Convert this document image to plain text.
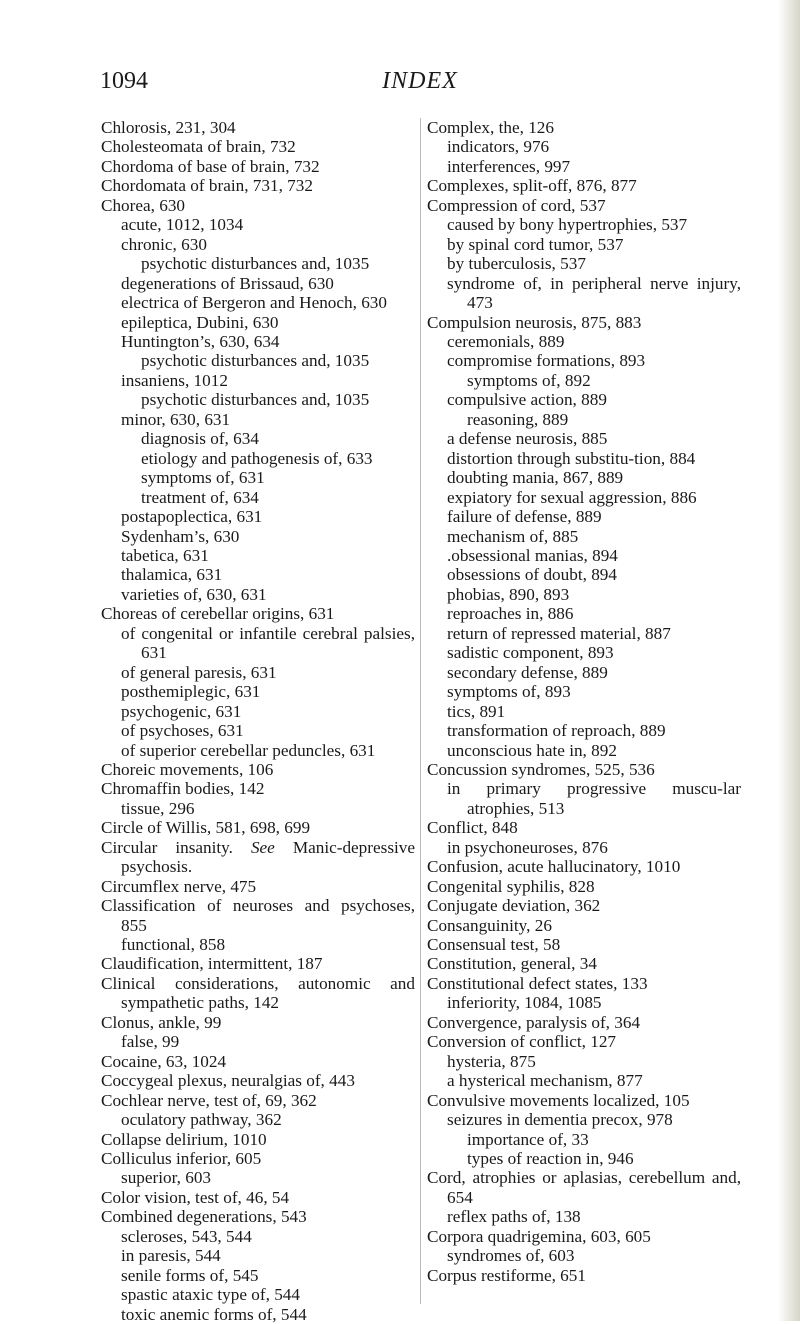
1094	INDEX

Chlorosis, 231, 304

Cholesteomata of brain, 732

Chordoma of base of brain, 732

Chordomata of brain, 731, 732

Chorea, 630

acute, 1012, 1034

chronic, 630

psychotic disturbances and, 1035

degenerations of Brissaud, 630

electrica of Bergeron and Henoch, 630

epileptica, Dubini, 630

Huntington’s, 630, 634

psychotic disturbances and, 1035

insaniens, 1012

psychotic disturbances and, 1035

minor, 630, 631

diagnosis of, 634

etiology and pathogenesis of, 633

symptoms of, 631

treatment of, 634

postapoplectica, 631

Sydenham’s, 630

tabetica, 631

thalamica, 631

varieties of, 630, 631

Choreas of cerebellar origins, 631

of congenital or infantile cerebral palsies, 631

of general paresis, 631

posthemiplegic, 631

psychogenic, 631

of psychoses, 631

of superior cerebellar peduncles, 631

Choreic movements, 106

Chromaffin bodies, 142

tissue, 296

Circle of Willis, 581, 698, 699

Circular insanity. See Manic-depressive psychosis.

Circumflex nerve, 475

Classification of neuroses and psychoses, 855

functional, 858

Claudification, intermittent, 187

Clinical considerations, autonomic and sympathetic paths, 142

Clonus, ankle, 99

false, 99

Cocaine, 63, 1024

Coccygeal plexus, neuralgias of, 443

Cochlear nerve, test of, 69, 362

oculatory pathway, 362

Collapse delirium, 1010

Colliculus inferior, 605

superior, 603

Color vision, test of, 46, 54

Combined degenerations, 543

scleroses, 543, 544

in paresis, 544

senile forms of, 545

spastic ataxic type of, 544

toxic anemic forms of, 544

Complex, the, 126

indicators, 976

interferences, 997

Complexes, split-off, 876, 877

Compression of cord, 537

caused by bony hypertrophies, 537

by spinal cord tumor, 537

by tuberculosis, 537

syndrome of, in peripheral nerve injury, 473

Compulsion neurosis, 875, 883

ceremonials, 889

compromise formations, 893

symptoms of, 892

compulsive action, 889

reasoning, 889

a defense neurosis, 885

distortion through substitu-tion, 884

doubting mania, 867, 889

expiatory for sexual aggression, 886

failure of defense, 889

mechanism of, 885

.obsessional manias, 894

obsessions of doubt, 894

phobias, 890, 893

reproaches in, 886

return of repressed material, 887

sadistic component, 893

secondary defense, 889

symptoms of, 893

tics, 891

transformation of reproach, 889

unconscious hate in, 892

Concussion syndromes, 525, 536

in primary progressive muscu-lar atrophies, 513

Conflict, 848

in psychoneuroses, 876

Confusion, acute hallucinatory, 1010

Congenital syphilis, 828

Conjugate deviation, 362

Consanguinity, 26

Consensual test, 58

Constitution, general, 34

Constitutional defect states, 133

inferiority, 1084, 1085

Convergence, paralysis of, 364

Conversion of conflict, 127

hysteria, 875

a hysterical mechanism, 877

Convulsive movements localized, 105

seizures in dementia precox, 978

importance of, 33

types of reaction in, 946

Cord, atrophies or aplasias, cerebellum and, 654

reflex paths of, 138

Corpora quadrigemina, 603, 605

syndromes of, 603

Corpus restiforme, 651
